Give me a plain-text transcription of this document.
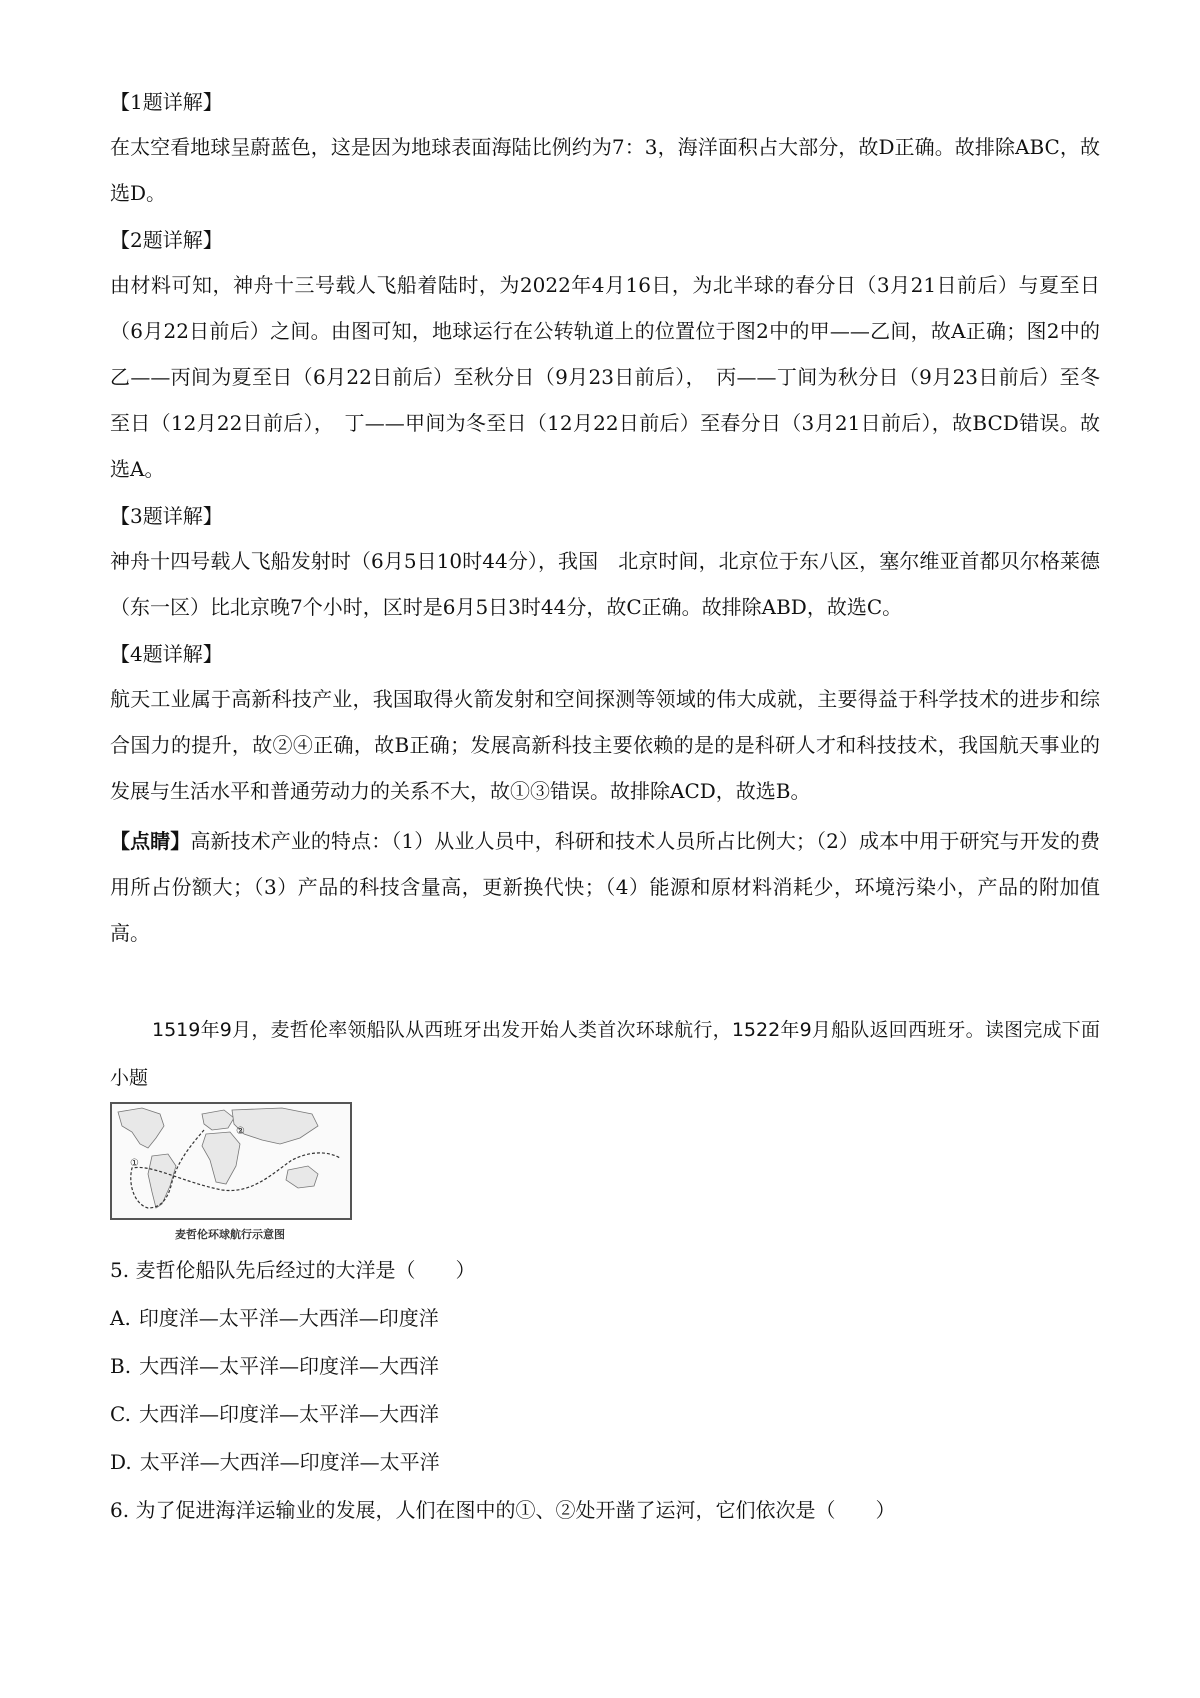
【1题详解】
在太空看地球呈蔚蓝色，这是因为地球表面海陆比例约为7：3，海洋面积占大部分，故D正确。故排除ABC，故选D。
【2题详解】
由材料可知，神舟十三号载人飞船着陆时，为2022年4月16日，为北半球的春分日（3月21日前后）与夏至日（6月22日前后）之间。由图可知，地球运行在公转轨道上的位置位于图2中的甲——乙间，故A正确；图2中的乙——丙间为夏至日（6月22日前后）至秋分日（9月23日前后），　丙——丁间为秋分日（9月23日前后）至冬至日（12月22日前后），　丁——甲间为冬至日（12月22日前后）至春分日（3月21日前后），故BCD错误。故选A。
【3题详解】
神舟十四号载人飞船发射时（6月5日10时44分），我国　北京时间，北京位于东八区，塞尔维亚首都贝尔格莱德（东一区）比北京晚7个小时，区时是6月5日3时44分，故C正确。故排除ABD，故选C。
【4题详解】
航天工业属于高新科技产业，我国取得火箭发射和空间探测等领域的伟大成就，主要得益于科学技术的进步和综合国力的提升，故②④正确，故B正确；发展高新科技主要依赖的是的是科研人才和科技技术，我国航天事业的发展与生活水平和普通劳动力的关系不大，故①③错误。故排除ACD，故选B。
【点睛】高新技术产业的特点：（1）从业人员中，科研和技术人员所占比例大；（2）成本中用于研究与开发的费用所占份额大；（3）产品的科技含量高，更新换代快；（4）能源和原材料消耗少，环境污染小，产品的附加值高。
1519年9月，麦哲伦率领船队从西班牙出发开始人类首次环球航行，1522年9月船队返回西班牙。读图完成下面小题
①
②
麦哲伦环球航行示意图
5. 麦哲伦船队先后经过的大洋是（　　）
A. 印度洋—太平洋—大西洋—印度洋
B. 大西洋—太平洋—印度洋—大西洋
C. 大西洋—印度洋—太平洋—大西洋
D. 太平洋—大西洋—印度洋—太平洋
6. 为了促进海洋运输业的发展，人们在图中的①、②处开凿了运河，它们依次是（　　）
